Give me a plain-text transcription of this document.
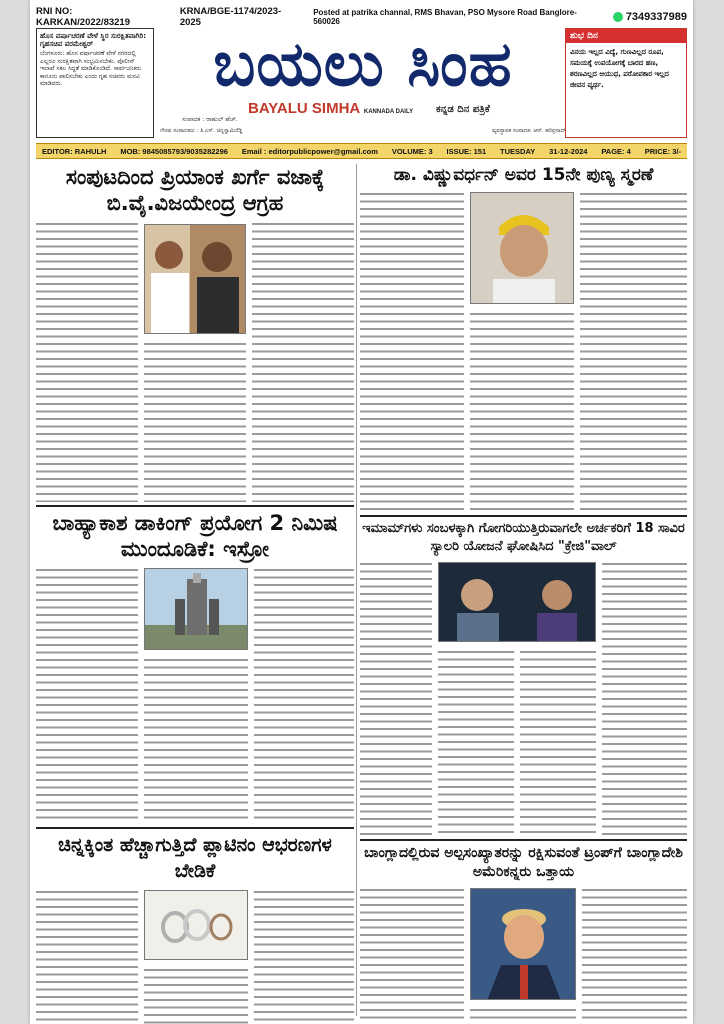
RNI NO: KARKAN/2022/83219
KRNA/BGE-1174/2023-2025
Posted at patrika channal, RMS Bhavan, PSO Mysore Road Banglore-560026	7349337989
ಹೊಸ ವರ್ಷಾಚರಣೆ ವೇಳೆ ಸ್ಥಿರ ಸುರಕ್ಷಿತವಾಗಿರಿ: ಗೃಹಸಚಿವ ಪರಮೇಶ್ವರ್
ಬೆಂಗಳೂರು: ಹೊಸ ವರ್ಷಾಚರಣೆ ವೇಳೆ ನಗರದಲ್ಲಿ ಎಲ್ಲರೂ ಸುರಕ್ಷಿತವಾಗಿ ಸಂಭ್ರಮಿಸಬೇಕು. ಪೊಲೀಸ್ ಇಲಾಖೆ ಸಕಲ ಸಿದ್ಧತೆ ಮಾಡಿಕೊಂಡಿದೆ. ಸಾರ್ವಜನಿಕರು ಕಾನೂನು ಪಾಲಿಸಬೇಕು ಎಂದು ಗೃಹ ಸಚಿವರು ಮನವಿ ಮಾಡಿದರು.	ಬಯಲು ಸಿಂಹ
BAYALU SIMHA KANNADA DAILY ಕನ್ನಡ ದಿನ ಪತ್ರಿಕೆ
ಸಂಪಾದಕ : ರಾಹುಲ್ ಹೆಚ್.
ಗೌರವ ಸಂಪಾದಕರು : ತಿ.ಎಸ್. ಚಿನ್ನಸ್ವಾಮಿರೆಡ್ಡಿ	ವ್ಯವಸ್ಥಾಪಕ ಸಂಪಾದಕ: ಆರ್. ಹರಿಪ್ರಸಾದ್
ಶುಭ ದಿನ
ವಿನಯ ಇಲ್ಲದ ವಿದ್ಯೆ, ಗುಣವಿಲ್ಲದ ರೂಪ, ಸಮಯಕ್ಕೆ ಉಪಯೋಗಕ್ಕೆ ಬಾರದ ಹಣ, ಶರಣವಿಲ್ಲದ ಆಯುಧ, ಪರೋಪಕಾರ ಇಲ್ಲದ ಜೀವನ ವ್ಯರ್ಥ.
EDITOR: RAHULH MOB: 9845085793/9035282296 Email : editorpublicpower@gmail.com VOLUME: 3 ISSUE: 151 TUESDAY 31-12-2024 PAGE: 4 PRICE: 3/-
ಸಂಪುಟದಿಂದ ಪ್ರಿಯಾಂಕ ಖರ್ಗೆ ವಜಾಕ್ಕೆ ಬಿ.ವೈ.ವಿಜಯೇಂದ್ರ ಆಗ್ರಹ
ಬಾಹ್ಯಾಕಾಶ ಡಾಕಿಂಗ್ ಪ್ರಯೋಗ 2 ನಿಮಿಷ ಮುಂದೂಡಿಕೆ: ಇಸ್ರೋ
ಚಿನ್ನಕ್ಕಿಂತ ಹೆಚ್ಚಾಗುತ್ತಿದೆ ಪ್ಲಾಟಿನಂ ಆಭರಣಗಳ ಬೇಡಿಕೆ
ಡಾ. ವಿಷ್ಣುವರ್ಧನ್ ಅವರ 15ನೇ ಪುಣ್ಯ ಸ್ಮರಣೆ
ಇಮಾಮ್‌ಗಳು ಸಂಬಳಕ್ಕಾಗಿ ಗೋಗರಿಯುತ್ತಿರುವಾಗಲೇ ಅರ್ಚಕರಿಗೆ 18 ಸಾವಿರ ಸ್ಯಾಲರಿ ಯೋಜನೆ ಘೋಷಿಸಿದ "ಕ್ರೇಜಿ"ವಾಲ್
ಬಾಂಗ್ಲಾದಲ್ಲಿರುವ ಅಲ್ಪಸಂಖ್ಯಾತರನ್ನು ರಕ್ಷಿಸುವಂತೆ ಟ್ರಂಪ್‌ಗೆ ಬಾಂಗ್ಲಾದೇಶಿ ಅಮೆರಿಕನ್ನರು ಒತ್ತಾಯ
